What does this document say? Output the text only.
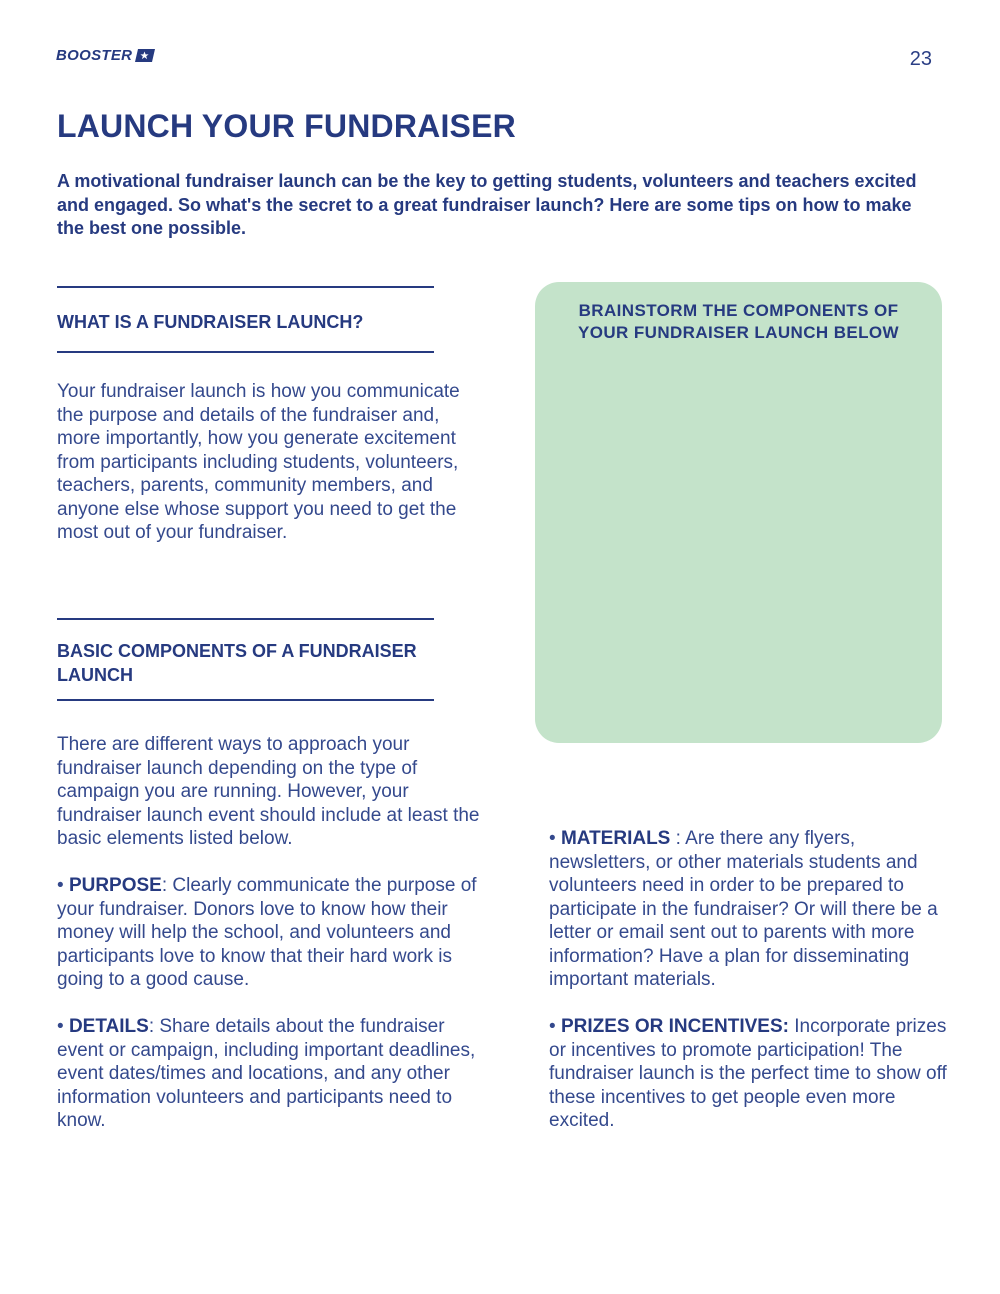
BOOSTER	23
LAUNCH YOUR FUNDRAISER

A motivational fundraiser launch can be the key to getting students, volunteers and teachers excited and engaged. So what's the secret to a great fundraiser launch? Here are some tips on how to make the best one possible.

WHAT IS A FUNDRAISER LAUNCH?

Your fundraiser launch is how you communicate the purpose and details of the fundraiser and, more importantly, how you generate excitement from participants including students, volunteers, teachers, parents, community members, and anyone else whose support you need to get the most out of your fundraiser.

BASIC COMPONENTS OF A FUNDRAISER LAUNCH

There are different ways to approach your fundraiser launch depending on the type of campaign you are running. However, your fundraiser launch event should include at least the basic elements listed below.

• PURPOSE: Clearly communicate the purpose of your fundraiser. Donors love to know how their money will help the school, and volunteers and participants love to know that their hard work is going to a good cause.

• DETAILS: Share details about the fundraiser event or campaign, including important deadlines, event dates/times and locations, and any other information volunteers and participants need to know.

BRAINSTORM THE COMPONENTS OF YOUR FUNDRAISER LAUNCH BELOW

• MATERIALS : Are there any flyers, newsletters, or other materials students and volunteers need in order to be prepared to participate in the fundraiser? Or will there be a letter or email sent out to parents with more information? Have a plan for disseminating important materials.

• PRIZES OR INCENTIVES: Incorporate prizes or incentives to promote participation! The fundraiser launch is the perfect time to show off these incentives to get people even more excited.
